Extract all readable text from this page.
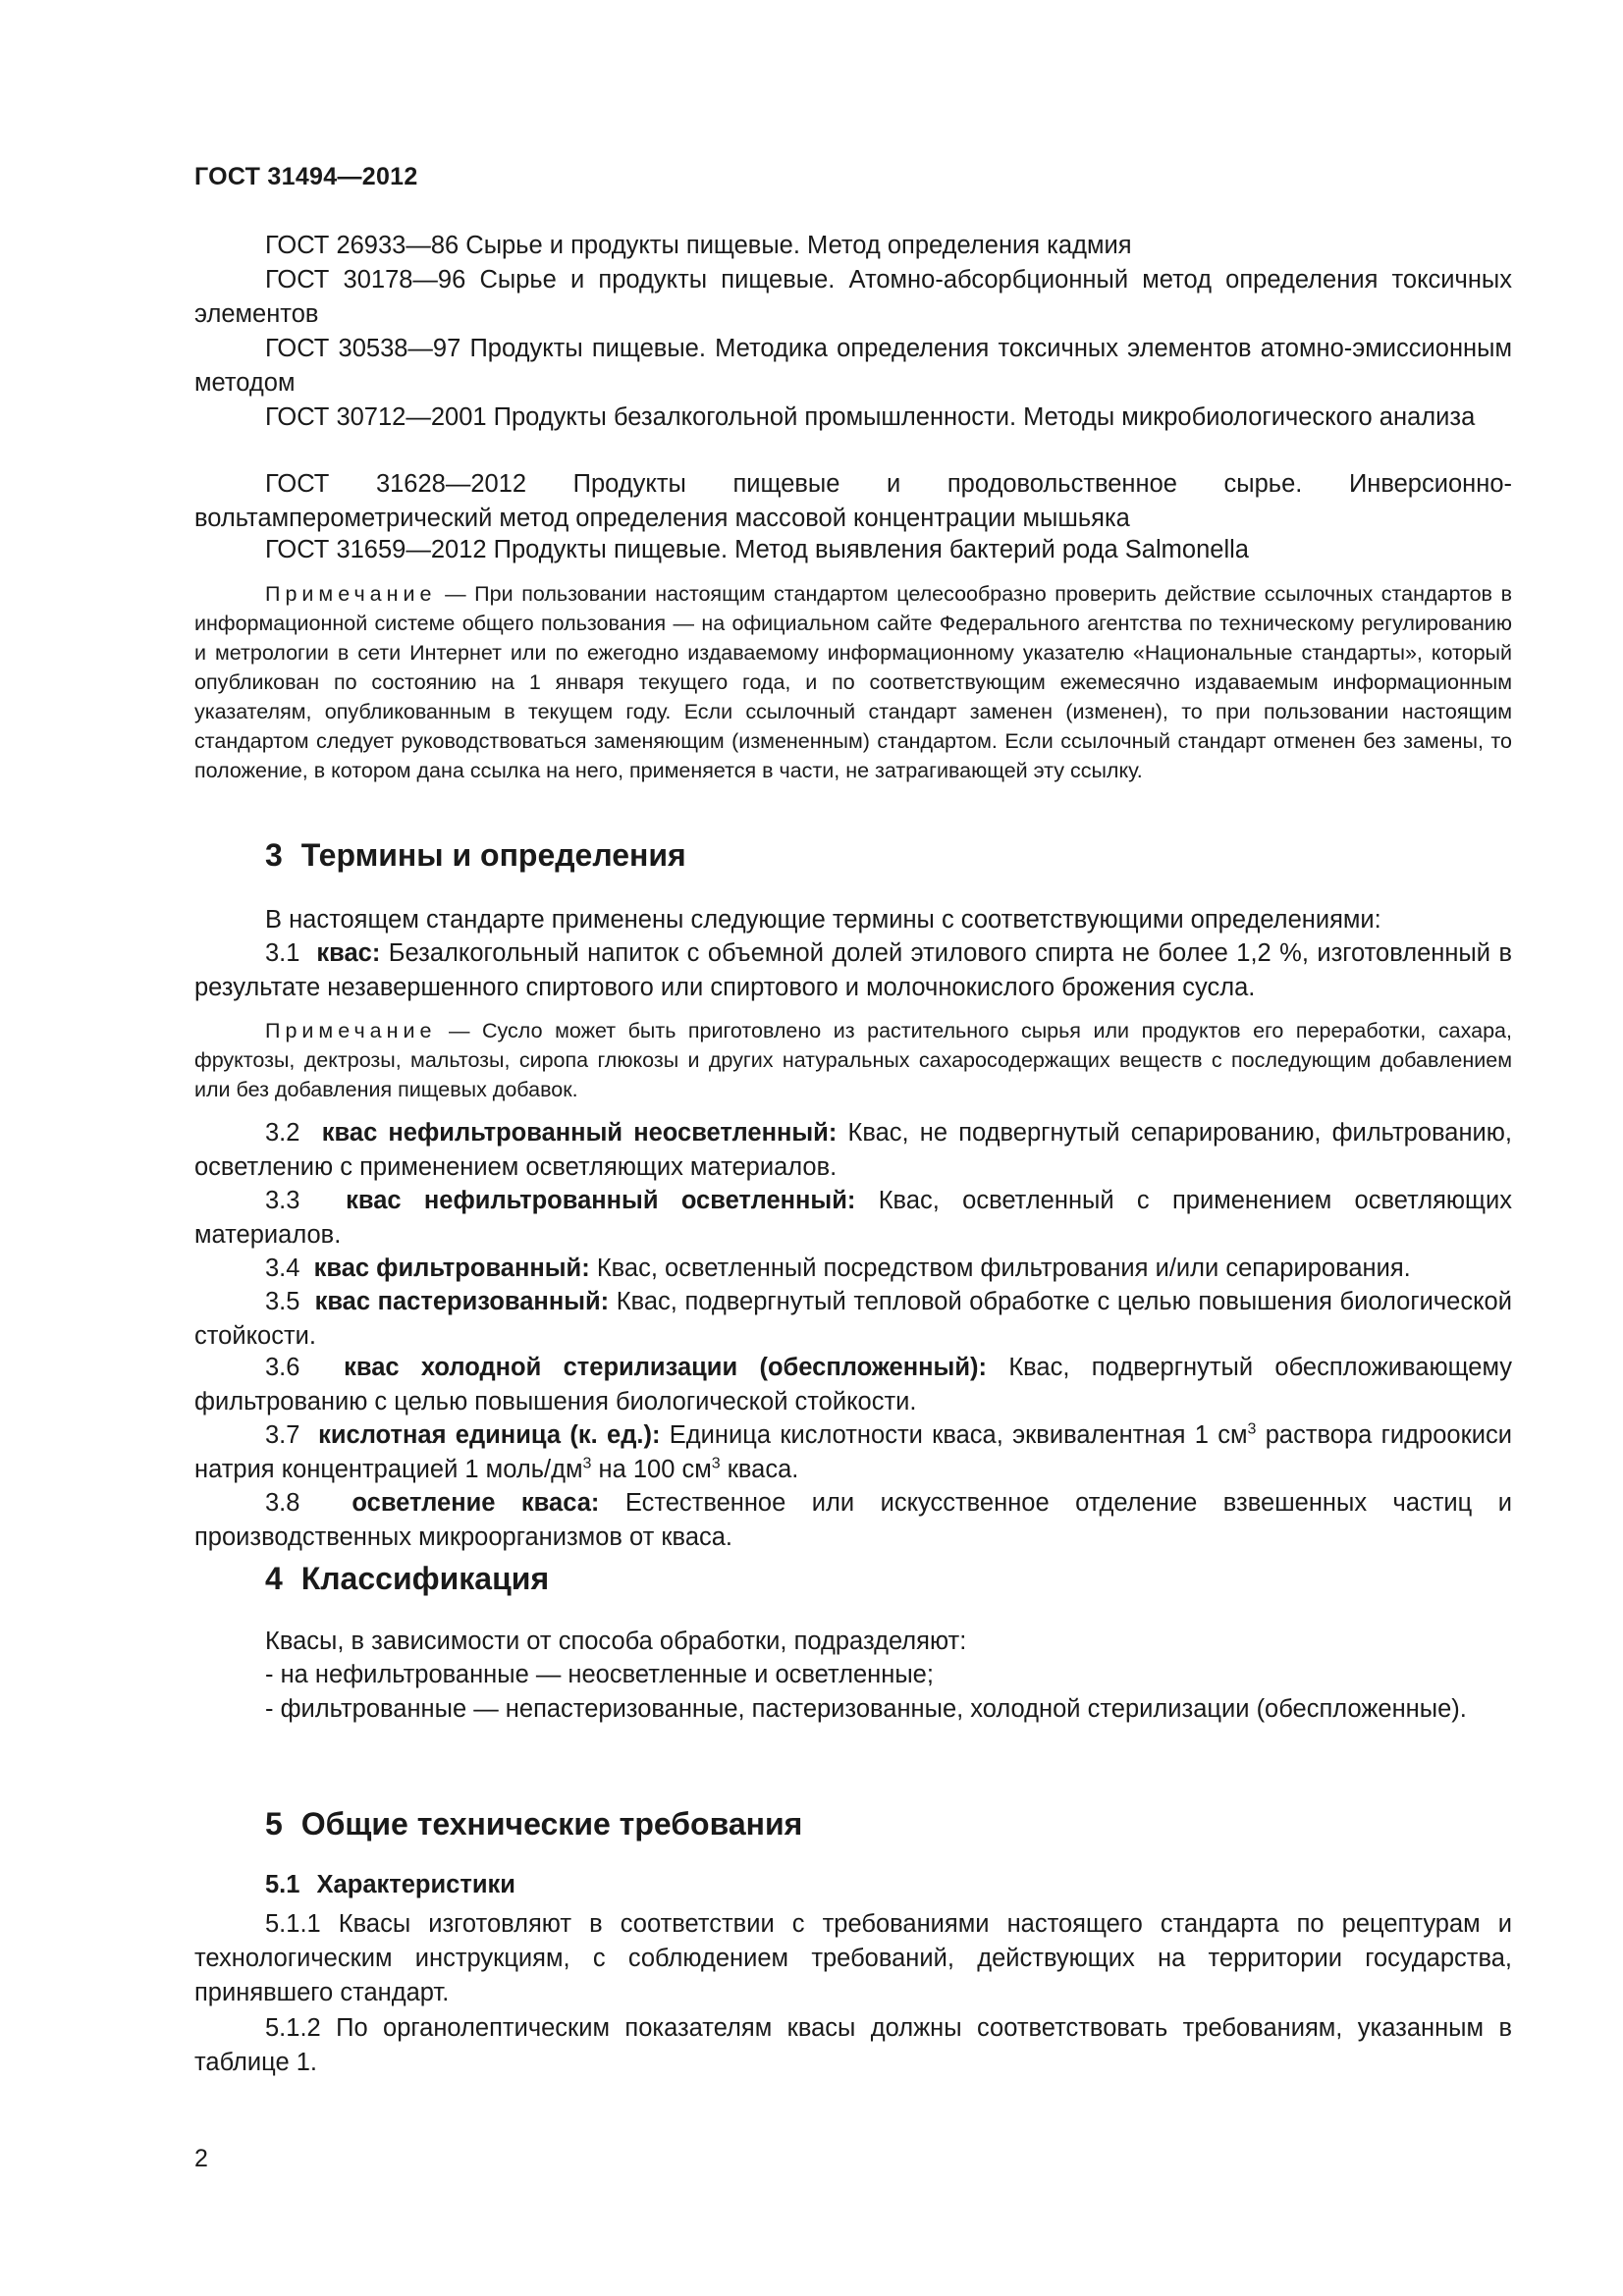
ГОСТ 31494—2012

ГОСТ 26933—86 Сырье и продукты пищевые. Метод определения кадмия

ГОСТ 30178—96 Сырье и продукты пищевые. Атомно-абсорбционный метод определения токсичных элементов

ГОСТ 30538—97 Продукты пищевые. Методика определения токсичных элементов атомно-эмиссионным методом

ГОСТ 30712—2001 Продукты безалкогольной промышленности. Методы микробиологического анализа

ГОСТ 31628—2012 Продукты пищевые и продовольственное сырье. Инверсионно-вольтамперометрический метод определения массовой концентрации мышьяка

ГОСТ 31659—2012 Продукты пищевые. Метод выявления бактерий рода Salmonella

Примечание — При пользовании настоящим стандартом целесообразно проверить действие ссылочных стандартов в информационной системе общего пользования — на официальном сайте Федерального агентства по техническому регулированию и метрологии в сети Интернет или по ежегодно издаваемому информационному указателю «Национальные стандарты», который опубликован по состоянию на 1 января текущего года, и по соответствующим ежемесячно издаваемым информационным указателям, опубликованным в текущем году. Если ссылочный стандарт заменен (изменен), то при пользовании настоящим стандартом следует руководствоваться заменяющим (измененным) стандартом. Если ссылочный стандарт отменен без замены, то положение, в котором дана ссылка на него, применяется в части, не затрагивающей эту ссылку.

3 Термины и определения

В настоящем стандарте применены следующие термины с соответствующими определениями:

3.1 квас: Безалкогольный напиток с объемной долей этилового спирта не более 1,2 %, изготовленный в результате незавершенного спиртового или спиртового и молочнокислого брожения сусла.

Примечание — Сусло может быть приготовлено из растительного сырья или продуктов его переработки, сахара, фруктозы, дектрозы, мальтозы, сиропа глюкозы и других натуральных сахаросодержащих веществ с последующим добавлением или без добавления пищевых добавок.

3.2 квас нефильтрованный неосветленный: Квас, не подвергнутый сепарированию, фильтрованию, осветлению с применением осветляющих материалов.

3.3 квас нефильтрованный осветленный: Квас, осветленный с применением осветляющих материалов.

3.4 квас фильтрованный: Квас, осветленный посредством фильтрования и/или сепарирования.

3.5 квас пастеризованный: Квас, подвергнутый тепловой обработке с целью повышения биологической стойкости.

3.6 квас холодной стерилизации (обеспложенный): Квас, подвергнутый обеспложивающему фильтрованию с целью повышения биологической стойкости.

3.7 кислотная единица (к. ед.): Единица кислотности кваса, эквивалентная 1 $см^3$ раствора гидроокиси натрия концентрацией 1 моль/$дм^3$ на 100 $см^3$ кваса.

3.8 осветление кваса: Естественное или искусственное отделение взвешенных частиц и производственных микроорганизмов от кваса.

4 Классификация

Квасы, в зависимости от способа обработки, подразделяют:

- на нефильтрованные — неосветленные и осветленные;

- фильтрованные — непастеризованные, пастеризованные, холодной стерилизации (обеспложенные).

5 Общие технические требования
5.1 Характеристики

5.1.1 Квасы изготовляют в соответствии с требованиями настоящего стандарта по рецептурам и технологическим инструкциям, с соблюдением требований, действующих на территории государства, принявшего стандарт.

5.1.2 По органолептическим показателям квасы должны соответствовать требованиям, указанным в таблице 1.

2
